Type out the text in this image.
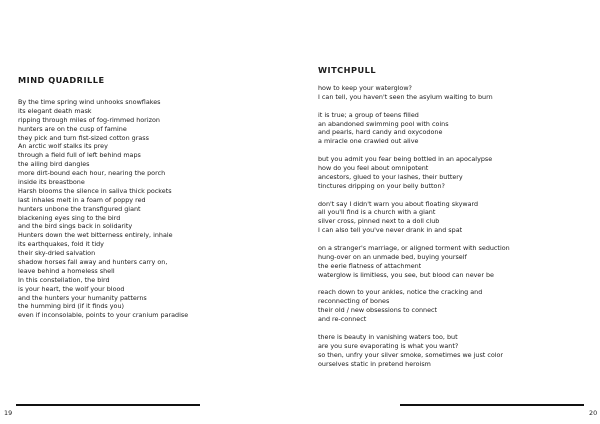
MIND QUADRILLE
By the time spring wind unhooks snowflakes
its elegant death mask
ripping through miles of fog-rimmed horizon
hunters are on the cusp of famine
they pick and turn fist-sized cotton grass
An arctic wolf stalks its prey
through a field full of left behind maps
the ailing bird dangles
more dirt-bound each hour, nearing the porch
inside its breastbone
Harsh blooms the silence in saliva thick pockets
last inhales melt in a foam of poppy red
hunters unbone the transfigured giant
blackening eyes sing to the bird
and the bird sings back in solidarity
Hunters down the wet bitterness entirely, inhale
its earthquakes, fold it tidy
their sky-dried salvation
shadow horses fall away and hunters carry on,
leave behind a homeless shell
In this constellation, the bird
is your heart, the wolf your blood
and the hunters your humanity patterns
the humming bird (if it finds you)
even if inconsolable, points to your cranium paradise
19
WITCHPULL
how to keep your waterglow?
I can tell, you haven't seen the asylum waiting to burn
it is true; a group of teens filled
an abandoned swimming pool with coins
and pearls, hard candy and oxycodone
a miracle one crawled out alive
but you admit you fear being bottled in an apocalypse
how do you feel about omnipotent
ancestors, glued to your lashes, their buttery
tinctures dripping on your belly button?
don't say I didn't warn you about floating skyward
all you'll find is a church with a giant
silver cross, pinned next to a doll club
I can also tell you've never drank in and spat
on a stranger's marriage, or aligned torment with seduction
hung-over on an unmade bed, buying yourself
the eerie flatness of attachment
waterglow is limitless, you see, but blood can never be
reach down to your ankles, notice the cracking and
reconnecting of bones
their old / new obsessions to connect
and re-connect
there is beauty in vanishing waters too, but
are you sure evaporating is what you want?
so then, unfry your silver smoke, sometimes we just color
ourselves static in pretend heroism
20
